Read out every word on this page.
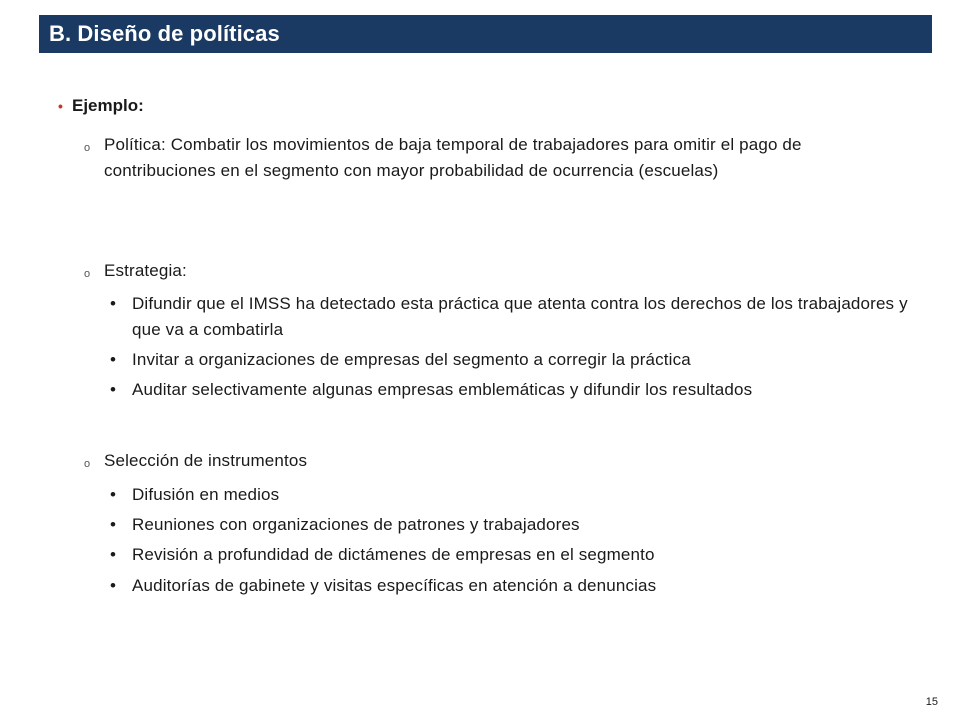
B. Diseño de políticas
• Ejemplo:
o Política: Combatir los movimientos de baja temporal de trabajadores para omitir el pago de contribuciones en el segmento con mayor probabilidad de ocurrencia (escuelas)
o Estrategia:
• Difundir que el IMSS ha detectado esta práctica que atenta contra los derechos de los trabajadores y que va a combatirla
• Invitar a organizaciones de empresas del segmento a corregir la práctica
• Auditar selectivamente algunas empresas emblemáticas y difundir los resultados
o Selección de instrumentos
• Difusión en medios
• Reuniones con organizaciones de patrones y trabajadores
• Revisión a profundidad de dictámenes de empresas en el segmento
• Auditorías de gabinete y visitas específicas en atención a denuncias
15
